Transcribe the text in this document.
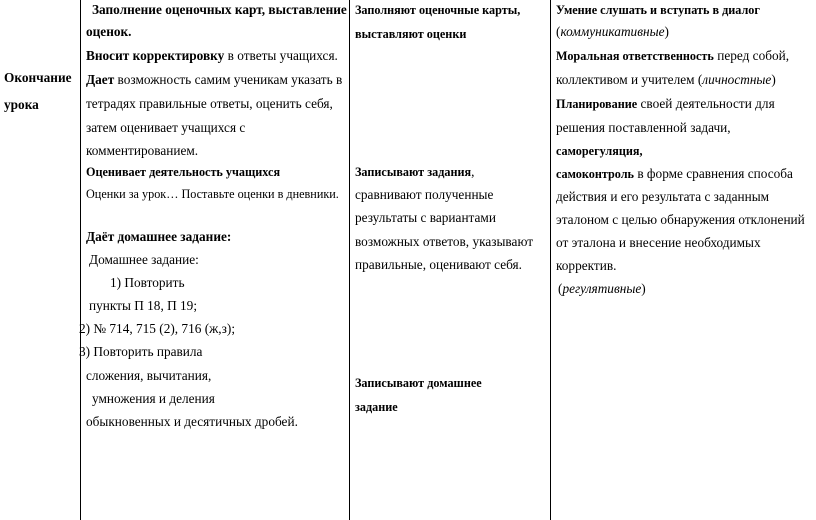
Окончание
урока
Заполнение оценочных карт, выставление
оценок.
Вносит корректировку в ответы учащихся.
Дает возможность самим ученикам указать в
тетрадях правильные ответы, оценить себя,
затем оценивает учащихся с
комментированием.
Оценивает деятельность учащихся
Оценки за урок… Поставьте оценки в дневники.
Даёт домашнее задание:
Домашнее задание:
1) Повторить
пункты П 18, П 19;
2) № 714, 715 (2), 716 (ж,з);
3) Повторить правила
сложения, вычитания,
умножения и деления
обыкновенных и десятичных дробей.
Заполняют оценочные карты,
выставляют оценки
Записывают задания,
сравнивают полученные
результаты с вариантами
возможных ответов, указывают
правильные, оценивают себя.
Записывают домашнее
задание
Умение слушать и вступать в диалог
(коммуникативные)
Моральная ответственность перед собой,
коллективом и учителем (личностные)
Планирование своей деятельности для
решения поставленной задачи,
саморегуляция,
самоконтроль в форме сравнения способа
действия и его результата с заданным
эталоном с целью обнаружения отклонений
от эталона и внесение необходимых
корректив.
(регулятивные)
